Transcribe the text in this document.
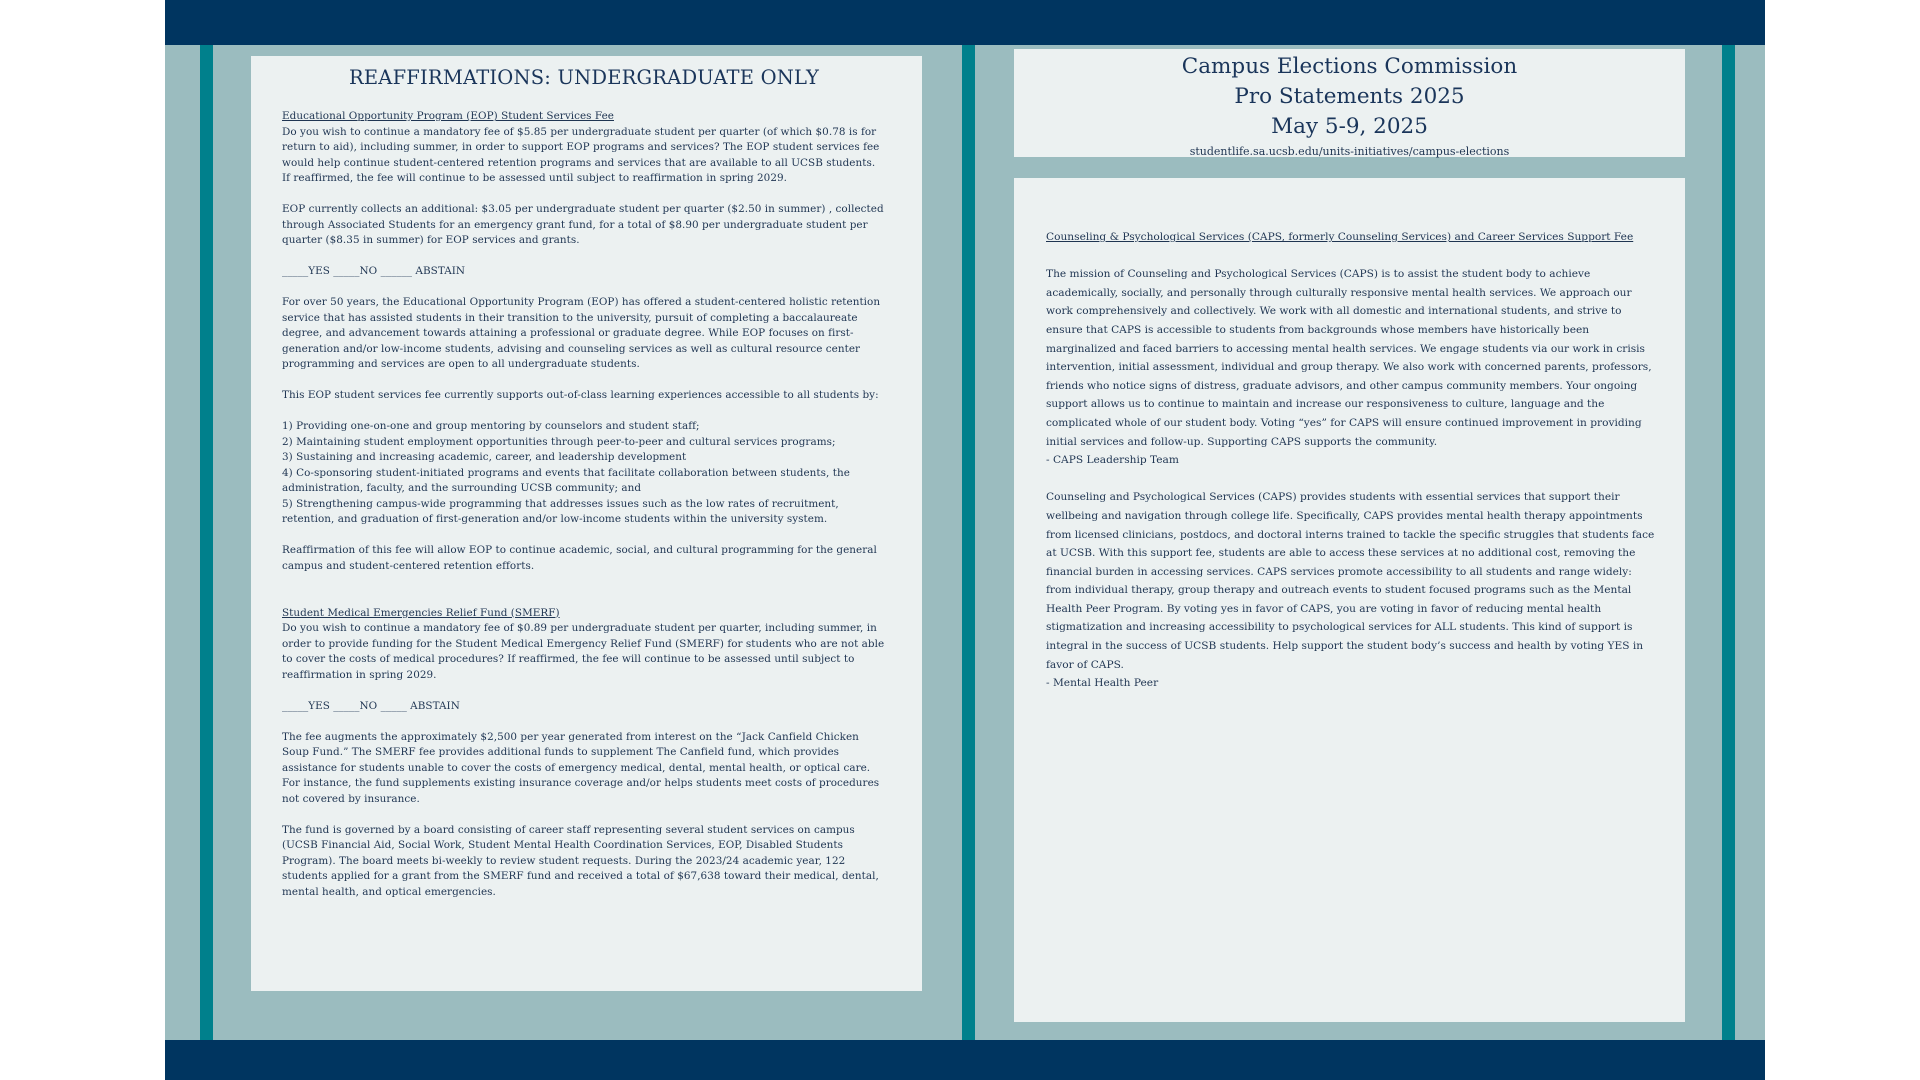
REAFFIRMATIONS: UNDERGRADUATE ONLY

Educational Opportunity Program (EOP) Student Services Fee
Do you wish to continue a mandatory fee of $5.85 per undergraduate student per quarter (of which $0.78 is for return to aid), including summer, in order to support EOP programs and services? The EOP student services fee would help continue student-centered retention programs and services that are available to all UCSB students. If reaffirmed, the fee will continue to be assessed until subject to reaffirmation in spring 2029.

EOP currently collects an additional: $3.05 per undergraduate student per quarter ($2.50 in summer) , collected through Associated Students for an emergency grant fund, for a total of $8.90 per undergraduate student per quarter ($8.35 in summer) for EOP services and grants.

_____YES _____NO ______ ABSTAIN

For over 50 years, the Educational Opportunity Program (EOP) has offered a student-centered holistic retention service that has assisted students in their transition to the university, pursuit of completing a baccalaureate degree, and advancement towards attaining a professional or graduate degree. While EOP focuses on first-generation and/or low-income students, advising and counseling services as well as cultural resource center programming and services are open to all undergraduate students.

This EOP student services fee currently supports out-of-class learning experiences accessible to all students by:

1) Providing one-on-one and group mentoring by counselors and student staff;
2) Maintaining student employment opportunities through peer-to-peer and cultural services programs;
3) Sustaining and increasing academic, career, and leadership development
4) Co-sponsoring student-initiated programs and events that facilitate collaboration between students, the administration, faculty, and the surrounding UCSB community; and
5) Strengthening campus-wide programming that addresses issues such as the low rates of recruitment, retention, and graduation of first-generation and/or low-income students within the university system.

Reaffirmation of this fee will allow EOP to continue academic, social, and cultural programming for the general campus and student-centered retention efforts.

Student Medical Emergencies Relief Fund (SMERF)
Do you wish to continue a mandatory fee of $0.89 per undergraduate student per quarter, including summer, in order to provide funding for the Student Medical Emergency Relief Fund (SMERF) for students who are not able to cover the costs of medical procedures? If reaffirmed, the fee will continue to be assessed until subject to reaffirmation in spring 2029.

_____YES _____NO _____ ABSTAIN

The fee augments the approximately $2,500 per year generated from interest on the “Jack Canfield Chicken Soup Fund.” The SMERF fee provides additional funds to supplement The Canfield fund, which provides assistance for students unable to cover the costs of emergency medical, dental, mental health, or optical care. For instance, the fund supplements existing insurance coverage and/or helps students meet costs of procedures not covered by insurance.

The fund is governed by a board consisting of career staff representing several student services on campus (UCSB Financial Aid, Social Work, Student Mental Health Coordination Services, EOP, Disabled Students Program). The board meets bi-weekly to review student requests. During the 2023/24 academic year, 122 students applied for a grant from the SMERF fund and received a total of $67,638 toward their medical, dental, mental health, and optical emergencies.

Campus Elections Commission
Pro Statements 2025
May 5-9, 2025
studentlife.sa.ucsb.edu/units-initiatives/campus-elections

Counseling & Psychological Services (CAPS, formerly Counseling Services) and Career Services Support Fee

The mission of Counseling and Psychological Services (CAPS) is to assist the student body to achieve academically, socially, and personally through culturally responsive mental health services. We approach our work comprehensively and collectively. We work with all domestic and international students, and strive to ensure that CAPS is accessible to students from backgrounds whose members have historically been marginalized and faced barriers to accessing mental health services. We engage students via our work in crisis intervention, initial assessment, individual and group therapy. We also work with concerned parents, professors, friends who notice signs of distress, graduate advisors, and other campus community members. Your ongoing support allows us to continue to maintain and increase our responsiveness to culture, language and the complicated whole of our student body. Voting “yes” for CAPS will ensure continued improvement in providing initial services and follow-up. Supporting CAPS supports the community.
- CAPS Leadership Team

Counseling and Psychological Services (CAPS) provides students with essential services that support their wellbeing and navigation through college life. Specifically, CAPS provides mental health therapy appointments from licensed clinicians, postdocs, and doctoral interns trained to tackle the specific struggles that students face at UCSB. With this support fee, students are able to access these services at no additional cost, removing the financial burden in accessing services. CAPS services promote accessibility to all students and range widely: from individual therapy, group therapy and outreach events to student focused programs such as the Mental Health Peer Program. By voting yes in favor of CAPS, you are voting in favor of reducing mental health stigmatization and increasing accessibility to psychological services for ALL students. This kind of support is integral in the success of UCSB students. Help support the student body’s success and health by voting YES in favor of CAPS.
- Mental Health Peer
